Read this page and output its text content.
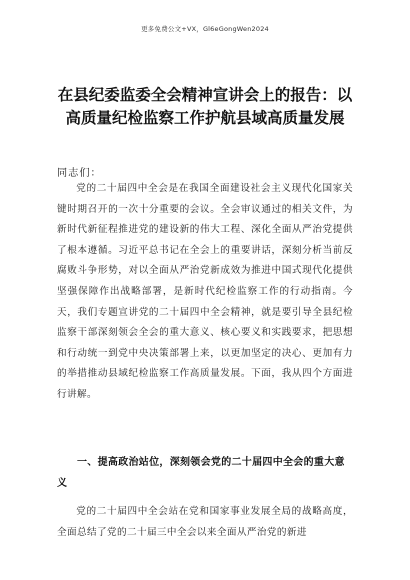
更多免费公文+VX，Gl6eGongWen2024
在县纪委监委全会精神宣讲会上的报告：以高质量纪检监察工作护航县域高质量发展
同志们：

党的二十届四中全会是在我国全面建设社会主义现代化国家关键时期召开的一次十分重要的会议。全会审议通过的相关文件，为新时代新征程推进党的建设新的伟大工程、深化全面从严治党提供了根本遵循。习近平总书记在全会上的重要讲话，深刻分析当前反腐败斗争形势，对以全面从严治党新成效为推进中国式现代化提供坚强保障作出战略部署，是新时代纪检监察工作的行动指南。今天，我们专题宣讲党的二十届四中全会精神，就是要引导全县纪检监察干部深刻领会全会的重大意义、核心要义和实践要求，把思想和行动统一到党中央决策部署上来，以更加坚定的决心、更加有力的举措推动县域纪检监察工作高质量发展。下面，我从四个方面进行讲解。

一、提高政治站位，深刻领会党的二十届四中全会的重大意义

党的二十届四中全会站在党和国家事业发展全局的战略高度，全面总结了党的二十届三中全会以来全面从严治党的新进
